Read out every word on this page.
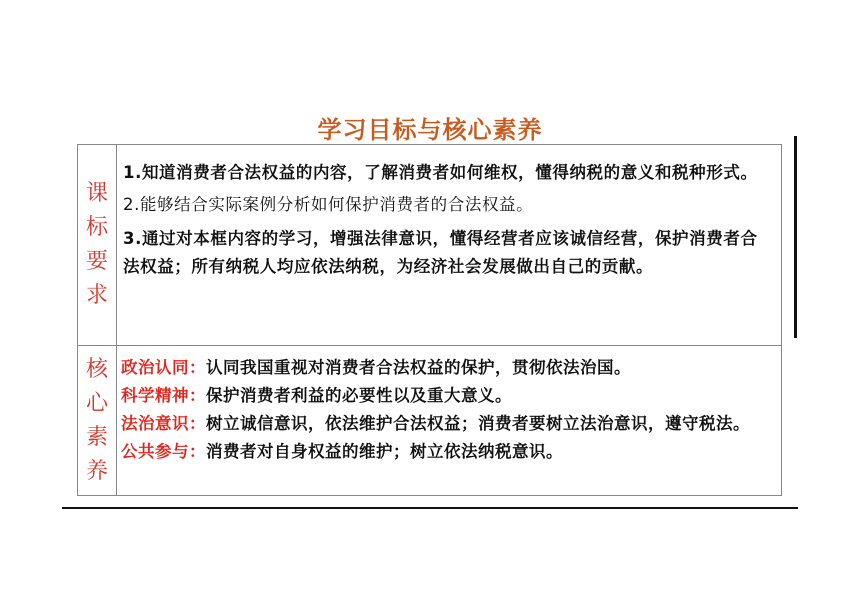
学习目标与核心素养
课标要求	1.知道消费者合法权益的内容，了解消费者如何维权，懂得纳税的意义和税种形式。
2.能够结合实际案例分析如何保护消费者的合法权益。
3.通过对本框内容的学习，增强法律意识，懂得经营者应该诚信经营，保护消费者合法权益；所有纳税人均应依法纳税，为经济社会发展做出自己的贡献。

核心素养	政治认同：认同我国重视对消费者合法权益的保护，贯彻依法治国。
科学精神：保护消费者利益的必要性以及重大意义。
法治意识：树立诚信意识，依法维护合法权益；消费者要树立法治意识，遵守税法。
公共参与：消费者对自身权益的维护；树立依法纳税意识。
